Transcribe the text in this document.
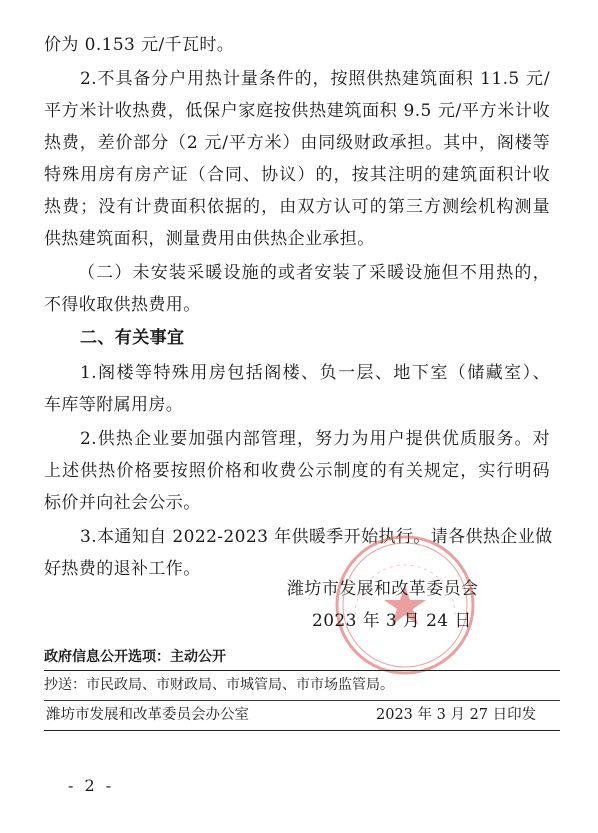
价为 0.153 元/千瓦时。
2.不具备分户用热计量条件的，按照供热建筑面积 11.5 元/
平方米计收热费，低保户家庭按供热建筑面积 9.5 元/平方米计收
热费，差价部分（2 元/平方米）由同级财政承担。其中，阁楼等
特殊用房有房产证（合同、协议）的，按其注明的建筑面积计收
热费；没有计费面积依据的，由双方认可的第三方测绘机构测量
供热建筑面积，测量费用由供热企业承担。
（二）未安装采暖设施的或者安装了采暖设施但不用热的，
不得收取供热费用。
二、有关事宜
1.阁楼等特殊用房包括阁楼、负一层、地下室（储藏室）、
车库等附属用房。
2.供热企业要加强内部管理，努力为用户提供优质服务。对
上述供热价格要按照价格和收费公示制度的有关规定，实行明码
标价并向社会公示。
3.本通知自 2022-2023 年供暖季开始执行。请各供热企业做
好热费的退补工作。
潍坊市发展和改革委员会
2023 年 3 月 24 日
政府信息公开选项：主动公开
抄送：市民政局、市财政局、市城管局、市市场监管局。
潍坊市发展和改革委员会办公室	2023 年 3 月 27 日印发
- 2 -
